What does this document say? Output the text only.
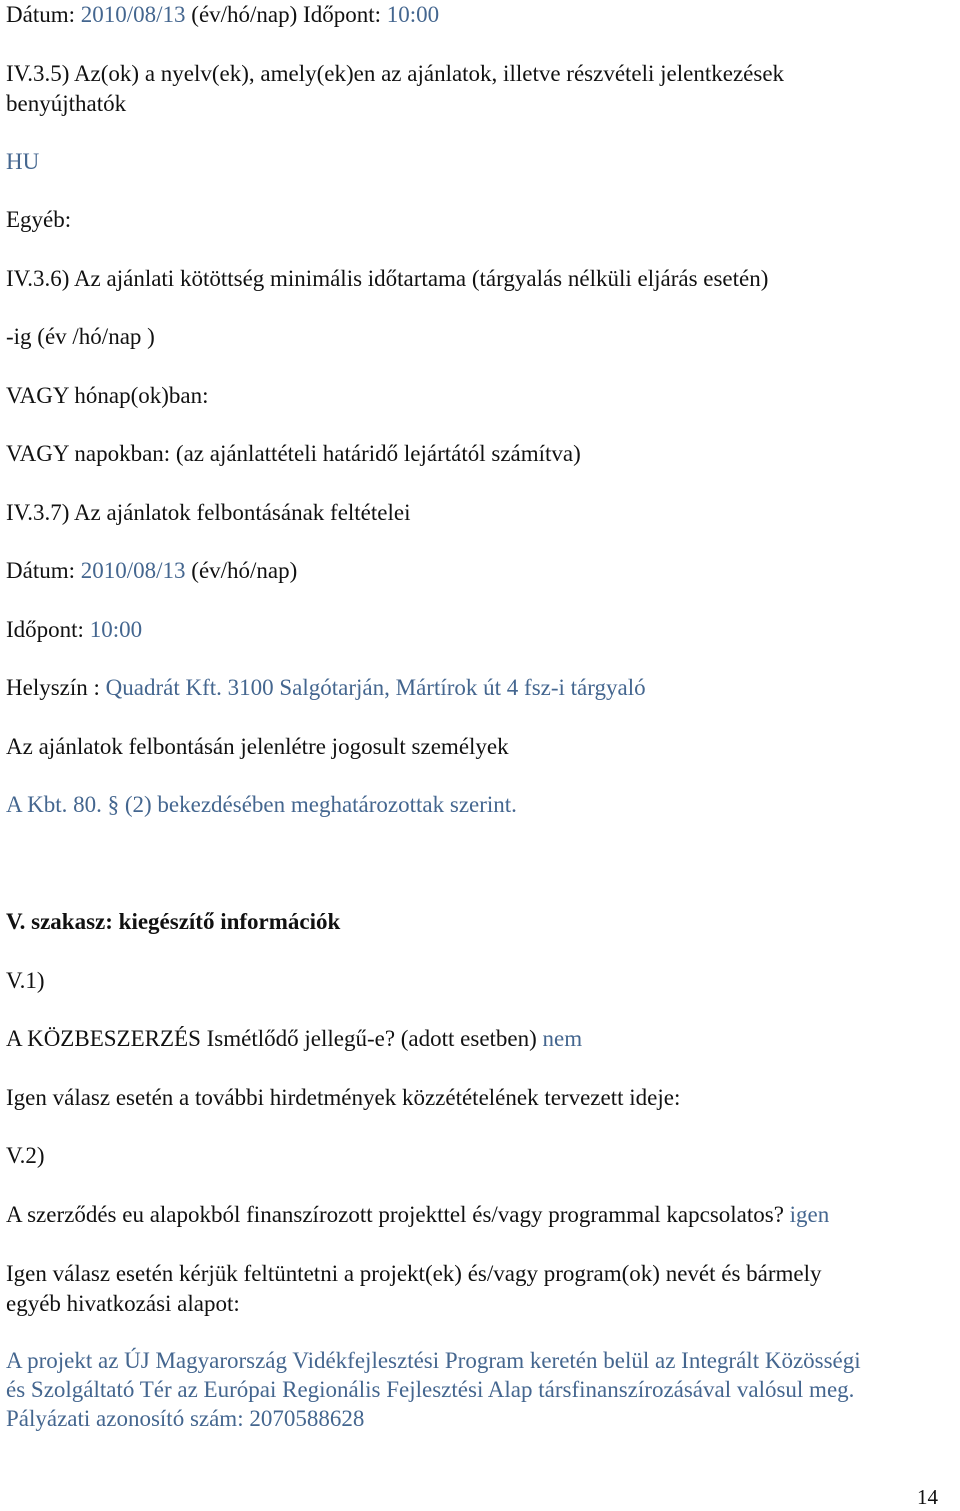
Dátum: 2010/08/13 (év/hó/nap) Időpont: 10:00
IV.3.5) Az(ok) a nyelv(ek), amely(ek)en az ajánlatok, illetve részvételi jelentkezések
benyújthatók
HU
Egyéb:
IV.3.6) Az ajánlati kötöttség minimális időtartama (tárgyalás nélküli eljárás esetén)
-ig (év /hó/nap )
VAGY hónap(ok)ban:
VAGY napokban: (az ajánlattételi határidő lejártától számítva)
IV.3.7) Az ajánlatok felbontásának feltételei
Dátum: 2010/08/13 (év/hó/nap)
Időpont: 10:00
Helyszín : Quadrát Kft. 3100 Salgótarján, Mártírok út 4 fsz-i tárgyaló
Az ajánlatok felbontásán jelenlétre jogosult személyek
A Kbt. 80. § (2) bekezdésében meghatározottak szerint.
V. szakasz: kiegészítő információk
V.1)
A KÖZBESZERZÉS Ismétlődő jellegű-e? (adott esetben) nem
Igen válasz esetén a további hirdetmények közzétételének tervezett ideje:
V.2)
A szerződés eu alapokból finanszírozott projekttel és/vagy programmal kapcsolatos? igen
Igen válasz esetén kérjük feltüntetni a projekt(ek) és/vagy program(ok) nevét és bármely
egyéb hivatkozási alapot:
A projekt az ÚJ Magyarország Vidékfejlesztési Program keretén belül az Integrált Közösségi
és Szolgáltató Tér az Európai Regionális Fejlesztési Alap társfinanszírozásával valósul meg.
Pályázati azonosító szám: 2070588628
14
